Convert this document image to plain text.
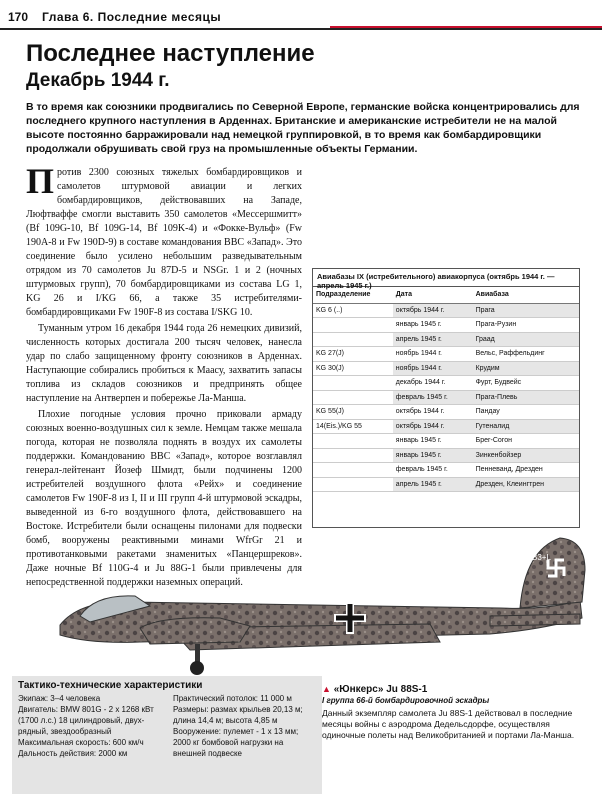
170 Глава 6. Последние месяцы
Последнее наступление
Декабрь 1944 г.

В то время как союзники продвигались по Северной Европе, германские войска концентрировались для последнего крупного наступления в Арденнах. Британские и американские истребители не на малой высоте постоянно барражировали над немецкой группировкой, в то время как бомбардировщики продолжали обрушивать свой груз на промышленные объекты Германии.

Против 2300 союзных тяжелых бомбардировщиков и самолетов штурмовой авиации и легких бомбардировщиков, действовавших на Западе, Люфтваффе смогли выставить 350 самолетов «Мессершмитт» (Bf 109G-10, Bf 109G-14, Bf 109K-4) и «Фокке-Вульф» (Fw 190A-8 и Fw 190D-9) в составе командования ВВС «Запад». Это соединение было усилено небольшим разведывательным отрядом из 70 самолетов Ju 87D-5 и NSGr. 1 и 2 (ночных штурмовых групп), 70 бомбардировщиками из состава LG 1, KG 26 и I/KG 66, а также 35 истребителями-бомбардировщиками Fw 190F-8 из состава I/SKG 10.

Туманным утром 16 декабря 1944 года 26 немецких дивизий, численность которых достигала 200 тысяч человек, нанесла удар по слабо защищенному фронту союзников в Арденнах. Наступающие собирались пробиться к Маасу, захватить запасы топлива из складов союзников и предпринять общее наступление на Антверпен и побережье Ла-Манша.

Плохие погодные условия прочно приковали армаду союзных военно-воздушных сил к земле. Немцам также мешала погода, которая не позволяла поднять в воздух их самолеты поддержки. Командованию ВВС «Запад», которое возглавлял генерал-лейтенант Йозеф Шмидт, были подчинены 1200 истребителей воздушного флота «Рейх» и соединение самолетов Fw 190F-8 из I, II и III групп 4-й штурмовой эскадры, выведенной из 6-го воздушного флота, действовавшего на Востоке. Истребители были оснащены пилонами для подвески бомб, вооружены реактивными минами WfrGr 21 и противотанковыми ракетами знаменитых «Панцершреков». Даже ночные Bf 110G-4 и Ju 88G-1 были привлечены для непосредственной поддержки наземных операций.

Авиабазы IX (истребительного) авиакорпуса (октябрь 1944 г. — апрель 1945 г.)
Подразделение	Дата	Авиабаза
KG 6 (..)	октябрь 1944 г.	Прага
	январь 1945 г.	Прага-Рузин
	апрель 1945 г.	Граад
KG 27(J)	ноябрь 1944 г.	Вельс, Раффельдинг
KG 30(J)	ноябрь 1944 г.	Крудим
	декабрь 1944 г.	Фурт, Будвейс
	февраль 1945 г.	Прага-Плевь
KG 55(J)	октябрь 1944 г.	Пандау
14(Eis.)/KG 55	октябрь 1944 г.	Гутеналид
	январь 1945 г.	Брег-Согон
	январь 1945 г.	Зинкенбойзер
	февраль 1945 г.	Пенневанд, Дрезден
	апрель 1945 г.	Дрезден, Клеингтрен
B3+L
Тактико-технические характеристики
Экипаж: 3–4 человека
Двигатель: BMW 801G - 2 x 1268 кВт (1700 л.с.) 18 цилиндровый, двух-рядный, звездообразный
Максимальная скорость: 600 км/ч
Дальность действия: 2000 км
Практический потолок: 11 000 м
Размеры: размах крыльев 20,13 м; длина 14,4 м; высота 4,85 м
Вооружение: пулемет - 1 x 13 мм; 2000 кг бомбовой нагрузки на внешней подвеске
▲ «Юнкерс» Ju 88S-1
I группа 66-й бомбардировочной эскадры
Данный экземпляр самолета Ju 88S-1 действовал в последние месяцы войны с аэродрома Дедельсдорфе, осуществляя одиночные полеты над Великобританией и портами Ла-Манша.
